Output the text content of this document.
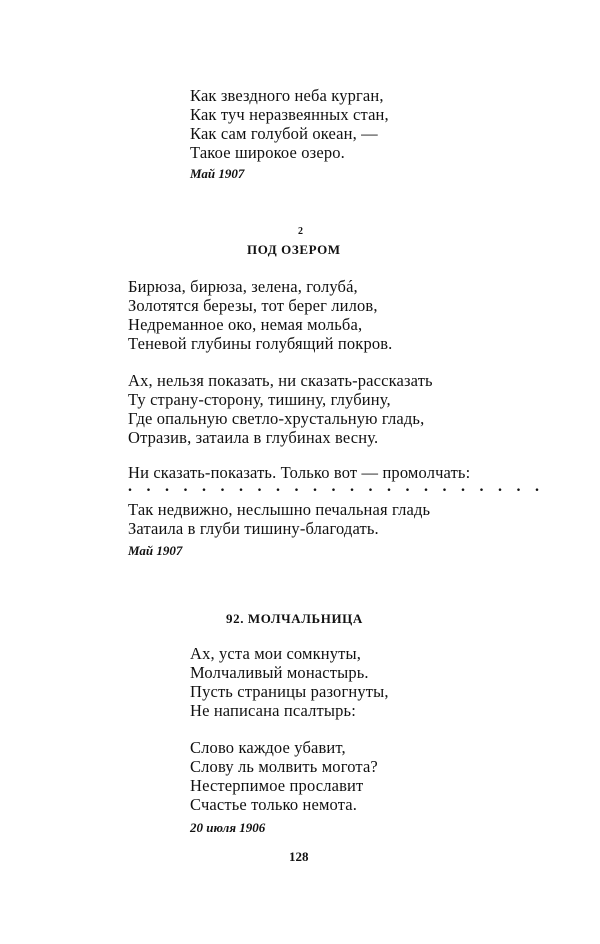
Как звездного неба курган,
Как туч неразвеянных стан,
Как сам голубой океан, —
Такое широкое озеро.
Май 1907
2
ПОД ОЗЕРОМ
Бирюза, бирюза, зелена, голубá,
Золотятся березы, тот берег лилов,
Недреманное око, немая мольба,
Теневой глубины голубящий покров.
Ах, нельзя показать, ни сказать-рассказать
Ту страну-сторону, тишину, глубину,
Где опальную светло-хрустальную гладь,
Отразив, затаила в глубинах весну.
Ни сказать-показать. Только вот — промолчать:
. . . . . . . . . . . . . . . . . . . . . . .
Так недвижно, неслышно печальная гладь
Затаила в глуби тишину-благодать.
Май 1907
92. МОЛЧАЛЬНИЦА
Ах, уста мои сомкнуты,
Молчаливый монастырь.
Пусть страницы разогнуты,
Не написана псалтырь:
Слово каждое убавит,
Слову ль молвить могота?
Нестерпимое прославит
Счастье только немота.
20 июля 1906
128
